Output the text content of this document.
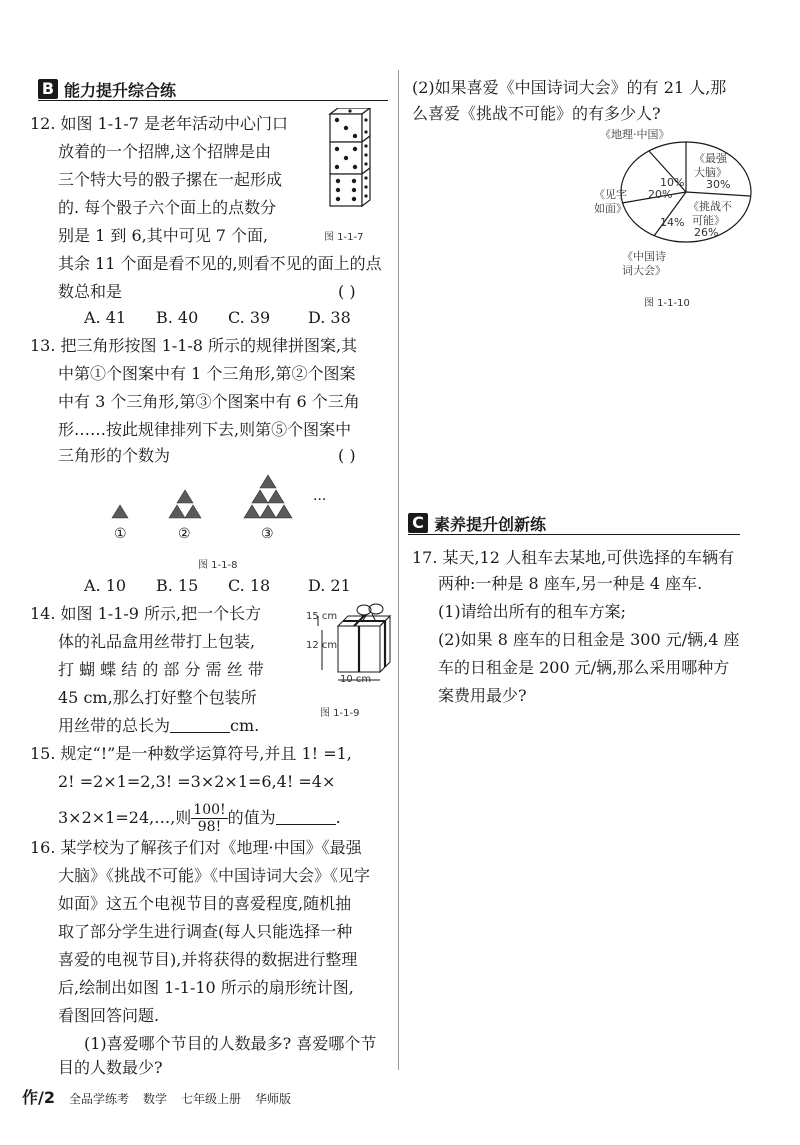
B 能力提升综合练
12. 如图 1-1-7 是老年活动中心门口
放着的一个招牌,这个招牌是由
三个特大号的骰子摞在一起形成
的. 每个骰子六个面上的点数分
别是 1 到 6,其中可见 7 个面,
其余 11 个面是看不见的,则看不见的面上的点
数总和是	( )
A. 41 B. 40 C. 39 D. 38
图 1-1-7
13. 把三角形按图 1-1-8 所示的规律拼图案,其
中第①个图案中有 1 个三角形,第②个图案
中有 3 个三角形,第③个图案中有 6 个三角
形……按此规律排列下去,则第⑤个图案中
三角形的个数为	( )
···
①	②	③
图 1-1-8
A. 10 B. 15 C. 18 D. 21
14. 如图 1-1-9 所示,把一个长方
体的礼品盒用丝带打上包装,
打 蝴 蝶 结 的 部 分 需 丝 带
45 cm,那么打好整个包装所
用丝带的总长为	cm.
15 cm
12 cm
10 cm
图 1-1-9
15. 规定“!”是一种数学运算符号,并且 1! =1,
2! =2×1=2,3! =3×2×1=6,4! =4×
3×2×1=24,…,则 $\frac{100!}{98!}$ 的值为	.
16. 某学校为了解孩子们对《地理·中国》《最强
大脑》《挑战不可能》《中国诗词大会》《见字
如面》这五个电视节目的喜爱程度,随机抽
取了部分学生进行调查(每人只能选择一种
喜爱的电视节目),并将获得的数据进行整理
后,绘制出如图 1-1-10 所示的扇形统计图,
看图回答问题.
(1)喜爱哪个节目的人数最多? 喜爱哪个节
目的人数最少?
(2)如果喜爱《中国诗词大会》的有 21 人,那
么喜爱《挑战不可能》的有多少人?
《地理·中国》
10%
《最强
大脑》
30%
《见字
如面》
20%
《挑战不
可能》
26%
14%
《中国诗
词大会》
图 1-1-10
C 素养提升创新练
17. 某天,12 人租车去某地,可供选择的车辆有
两种:一种是 8 座车,另一种是 4 座车.
(1)请给出所有的租车方案;
(2)如果 8 座车的日租金是 300 元/辆,4 座
车的日租金是 200 元/辆,那么采用哪种方
案费用最少?
作/2 全品学练考 数学 七年级上册 华师版
